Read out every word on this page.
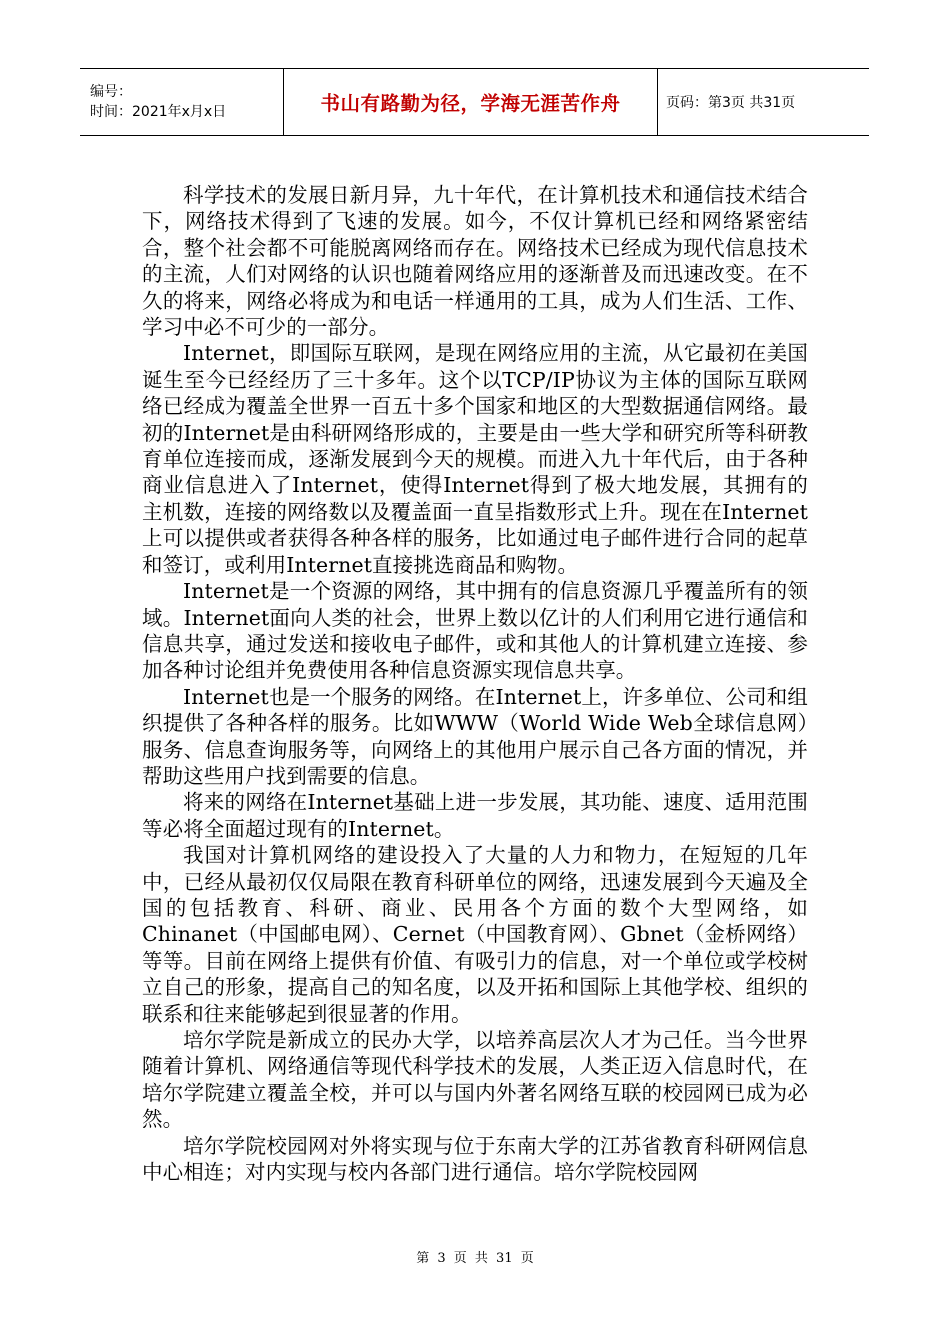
编号：
时间：2021年x月x日	书山有路勤为径，学海无涯苦作舟	页码：第3页 共31页

科学技术的发展日新月异，九十年代，在计算机技术和通信技术结合下，网络技术得到了飞速的发展。如今，不仅计算机已经和网络紧密结合，整个社会都不可能脱离网络而存在。网络技术已经成为现代信息技术的主流，人们对网络的认识也随着网络应用的逐渐普及而迅速改变。在不久的将来，网络必将成为和电话一样通用的工具，成为人们生活、工作、学习中必不可少的一部分。

Internet，即国际互联网，是现在网络应用的主流，从它最初在美国诞生至今已经经历了三十多年。这个以TCP/IP协议为主体的国际互联网络已经成为覆盖全世界一百五十多个国家和地区的大型数据通信网络。最初的Internet是由科研网络形成的，主要是由一些大学和研究所等科研教育单位连接而成，逐渐发展到今天的规模。而进入九十年代后，由于各种商业信息进入了Internet，使得Internet得到了极大地发展，其拥有的主机数，连接的网络数以及覆盖面一直呈指数形式上升。现在在Internet上可以提供或者获得各种各样的服务，比如通过电子邮件进行合同的起草和签订，或利用Internet直接挑选商品和购物。

Internet是一个资源的网络，其中拥有的信息资源几乎覆盖所有的领域。Internet面向人类的社会，世界上数以亿计的人们利用它进行通信和信息共享，通过发送和接收电子邮件，或和其他人的计算机建立连接、参加各种讨论组并免费使用各种信息资源实现信息共享。

Internet也是一个服务的网络。在Internet上，许多单位、公司和组织提供了各种各样的服务。比如WWW（World Wide Web全球信息网）服务、信息查询服务等，向网络上的其他用户展示自己各方面的情况，并帮助这些用户找到需要的信息。

将来的网络在Internet基础上进一步发展，其功能、速度、适用范围等必将全面超过现有的Internet。

我国对计算机网络的建设投入了大量的人力和物力，在短短的几年中，已经从最初仅仅局限在教育科研单位的网络，迅速发展到今天遍及全国的包括教育、科研、商业、民用各个方面的数个大型网络，如Chinanet（中国邮电网）、Cernet（中国教育网）、Gbnet（金桥网络）等等。目前在网络上提供有价值、有吸引力的信息，对一个单位或学校树立自己的形象，提高自己的知名度，以及开拓和国际上其他学校、组织的联系和往来能够起到很显著的作用。

培尔学院是新成立的民办大学，以培养高层次人才为己任。当今世界随着计算机、网络通信等现代科学技术的发展，人类正迈入信息时代，在培尔学院建立覆盖全校，并可以与国内外著名网络互联的校园网已成为必然。

培尔学院校园网对外将实现与位于东南大学的江苏省教育科研网信息中心相连；对内实现与校内各部门进行通信。培尔学院校园网

第 3 页 共 31 页
